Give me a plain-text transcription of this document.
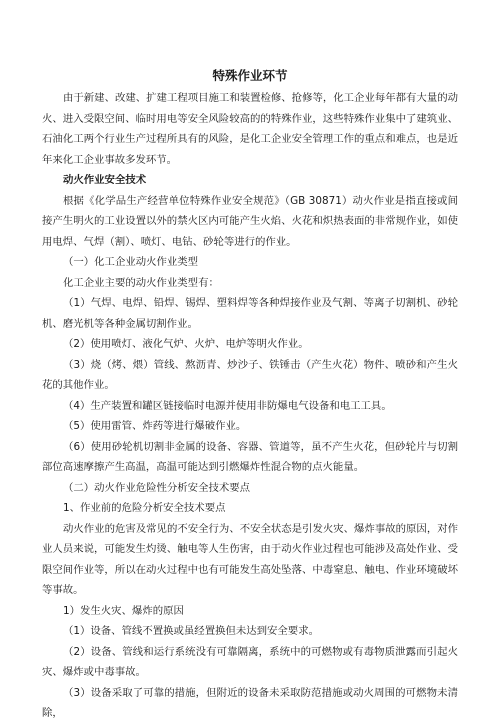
特殊作业环节

由于新建、改建、扩建工程项目施工和装置检修、抢修等，化工企业每年都有大量的动火、进入受限空间、临时用电等安全风险较高的的特殊作业，这些特殊作业集中了建筑业、石油化工两个行业生产过程所具有的风险，是化工企业安全管理工作的重点和难点，也是近年来化工企业事故多发环节。

动火作业安全技术

根据《化学品生产经营单位特殊作业安全规范》（GB 30871）动火作业是指直接或间接产生明火的工业设置以外的禁火区内可能产生火焰、火花和炽热表面的非常规作业，如使用电焊、气焊（割）、喷灯、电钻、砂轮等进行的作业。

（一）化工企业动火作业类型

化工企业主要的动火作业类型有：

（1）气焊、电焊、铅焊、锡焊、塑料焊等各种焊接作业及气割、等离子切割机、砂轮机、磨光机等各种金属切割作业。

（2）使用喷灯、液化气炉、火炉、电炉等明火作业。

（3）烧（烤、煨）管线、熬沥青、炒沙子、铁锤击（产生火花）物件、喷砂和产生火花的其他作业。

（4）生产装置和罐区链接临时电源并使用非防爆电气设备和电工工具。

（5）使用雷管、炸药等进行爆破作业。

（6）使用砂轮机切割非金属的设备、容器、管道等，虽不产生火花，但砂轮片与切割部位高速摩擦产生高温，高温可能达到引燃爆炸性混合物的点火能量。

（二）动火作业危险性分析安全技术要点

1、作业前的危险分析安全技术要点

动火作业的危害及常见的不安全行为、不安全状态是引发火灾、爆炸事故的原因，对作业人员来说，可能发生灼烫、触电等人生伤害，由于动火作业过程也可能涉及高处作业、受限空间作业等，所以在动火过程中也有可能发生高处坠落、中毒窒息、触电、作业环境破坏等事故。

1）发生火灾、爆炸的原因

（1）设备、管线不置换或虽经置换但未达到安全要求。

（2）设备、管线和运行系统没有可靠隔离，系统中的可燃物或有毒物质泄露而引起火灾、爆炸或中毒事故。

（3）设备采取了可靠的措施，但附近的设备未采取防范措施或动火周围的可燃物未清除，
